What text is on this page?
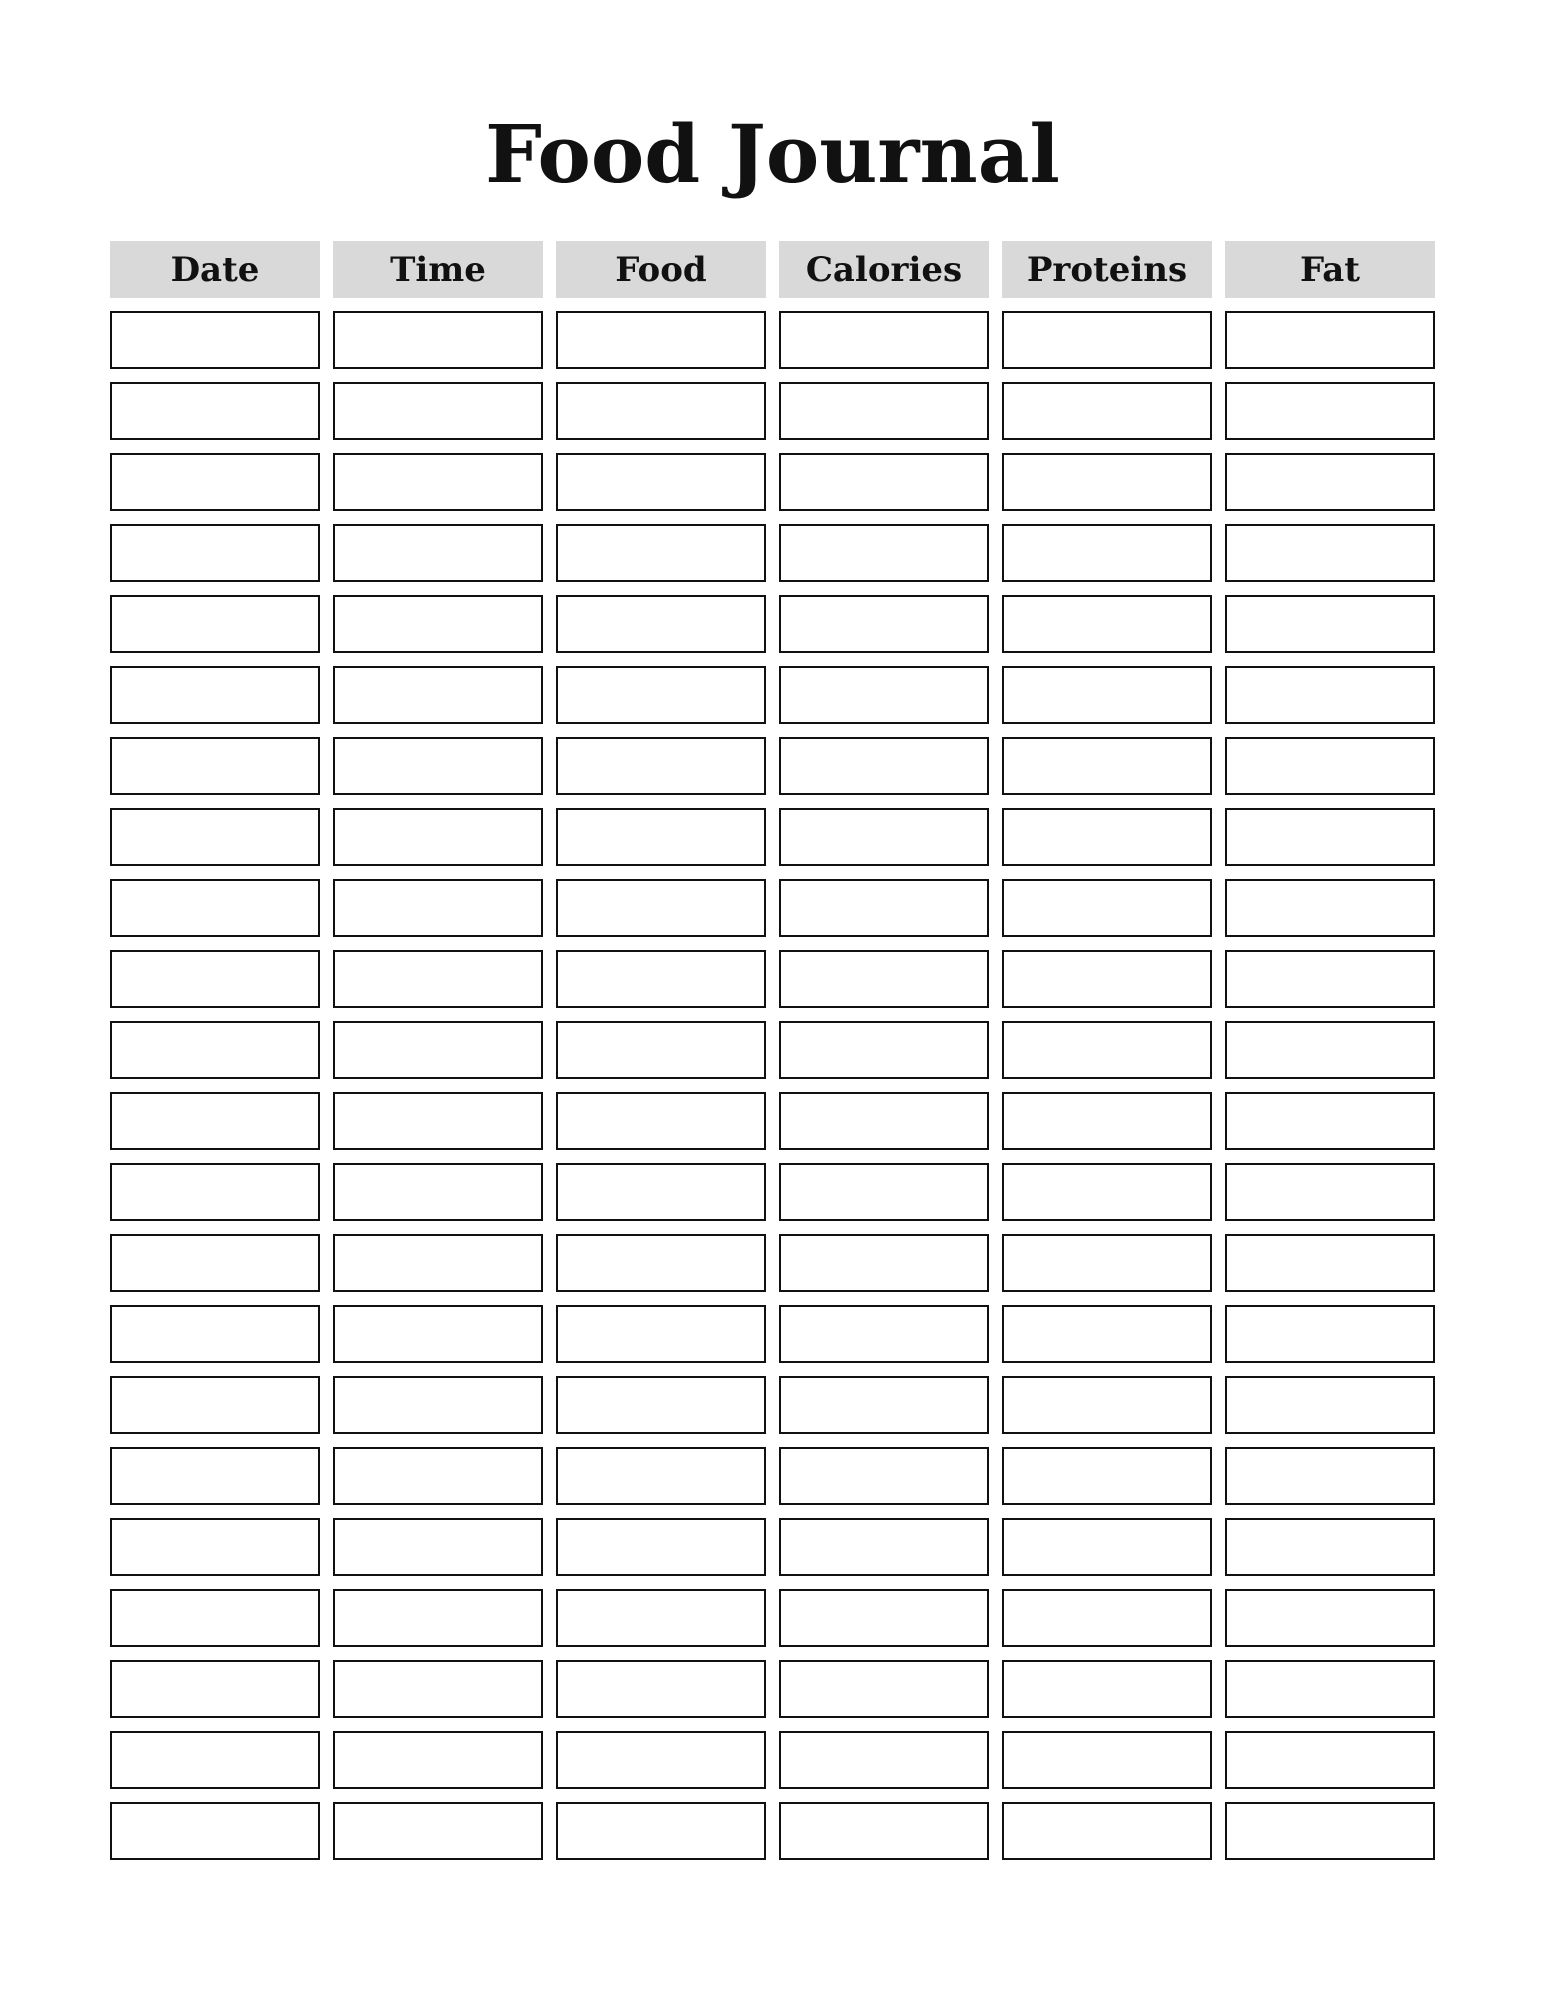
Food Journal
Date	Time	Food	Calories	Proteins	Fat
